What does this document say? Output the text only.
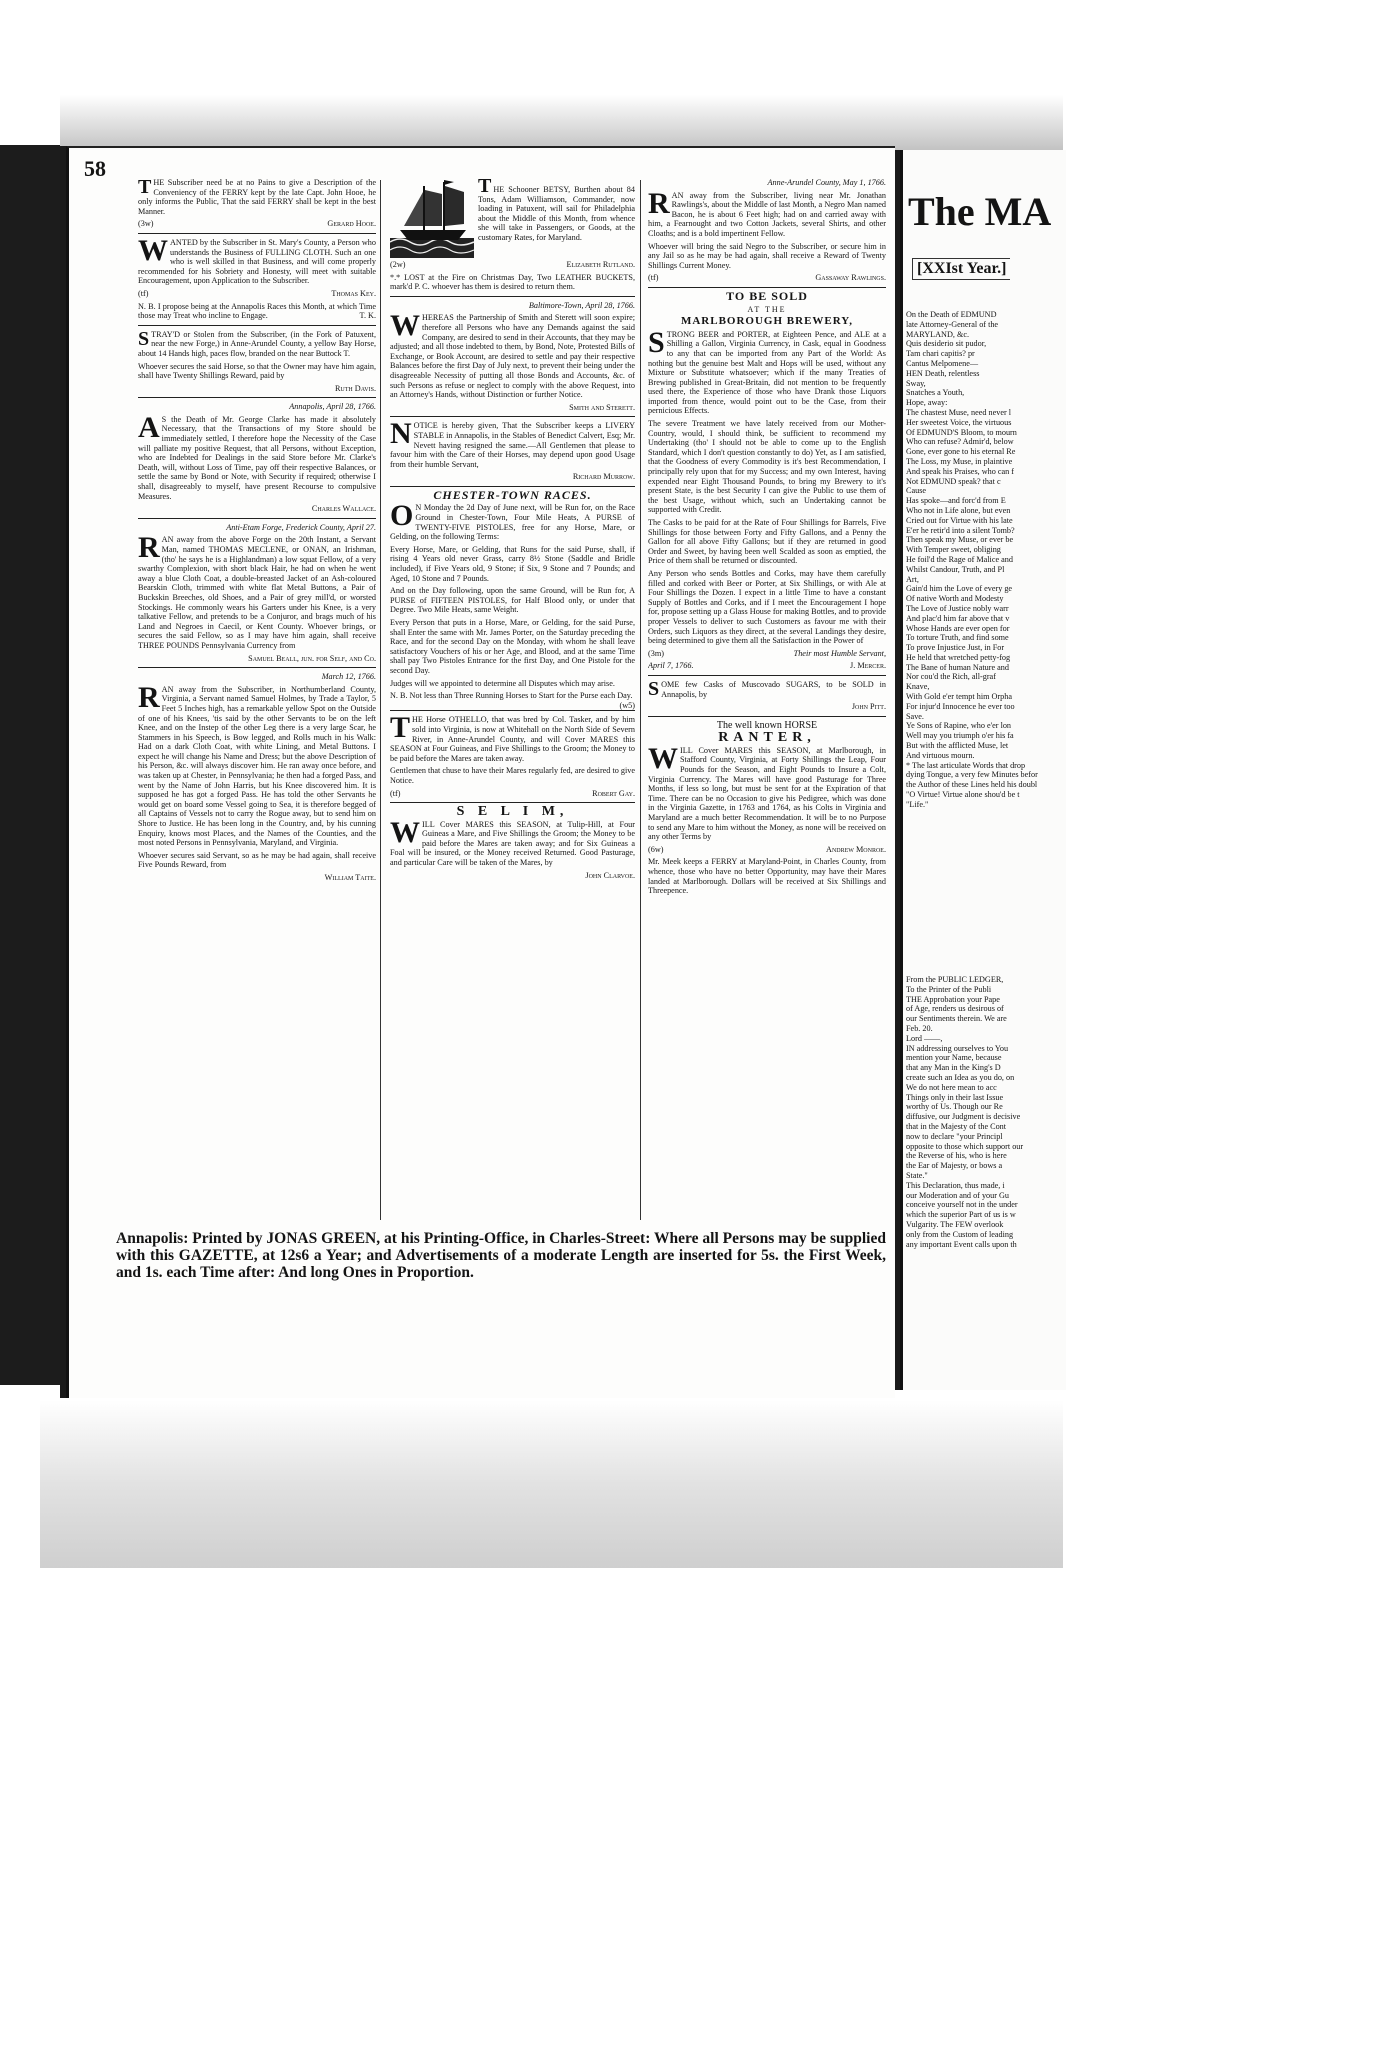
58

THE Subscriber need be at no Pains to give a Description of the Conveniency of the FERRY kept by the late Capt. John Hooe, he only informs the Public, That the said FERRY shall be kept in the best Manner.

(3w)	Gerard Hooe.

WANTED by the Subscriber in St. Mary's County, a Person who understands the Business of FULLING CLOTH. Such an one who is well skilled in that Business, and will come properly recommended for his Sobriety and Honesty, will meet with suitable Encouragement, upon Application to the Subscriber.

(tf)	Thomas Key.

N. B. I propose being at the Annapolis Races this Month, at which Time those may Treat who incline to Engage.	T. K.

STRAY'D or Stolen from the Subscriber, (in the Fork of Patuxent, near the new Forge,) in Anne-Arundel County, a yellow Bay Horse, about 14 Hands high, paces flow, branded on the near Buttock T.

Whoever secures the said Horse, so that the Owner may have him again, shall have Twenty Shillings Reward, paid by

Ruth Davis.

Annapolis, April 28, 1766.

A S the Death of Mr. George Clarke has made it absolutely Necessary, that the Transactions of my Store should be immediately settled, I therefore hope the Necessity of the Case will palliate my positive Request, that all Persons, without Exception, who are Indebted for Dealings in the said Store before Mr. Clarke's Death, will, without Loss of Time, pay off their respective Balances, or settle the same by Bond or Note, with Security if required; otherwise I shall, disagreeably to myself, have present Recourse to compulsive Measures.

Charles Wallace.

Anti-Etam Forge, Frederick County, April 27.

RAN away from the above Forge on the 20th Instant, a Servant Man, named THOMAS MECLENE, or ONAN, an Irishman, (tho' he says he is a Highlandman) a low squat Fellow, of a very swarthy Complexion, with short black Hair, he had on when he went away a blue Cloth Coat, a double-breasted Jacket of an Ash-coloured Bearskin Cloth, trimmed with white flat Metal Buttons, a Pair of Buckskin Breeches, old Shoes, and a Pair of grey mill'd, or worsted Stockings. He commonly wears his Garters under his Knee, is a very talkative Fellow, and pretends to be a Conjuror, and brags much of his Land and Negroes in Caecil, or Kent County. Whoever brings, or secures the said Fellow, so as I may have him again, shall receive THREE POUNDS Pennsylvania Currency from

Samuel Beall, jun. for Self, and Co.

March 12, 1766.

RAN away from the Subscriber, in Northumberland County, Virginia, a Servant named Samuel Holmes, by Trade a Taylor, 5 Feet 5 Inches high, has a remarkable yellow Spot on the Outside of one of his Knees, 'tis said by the other Servants to be on the left Knee, and on the Instep of the other Leg there is a very large Scar, he Stammers in his Speech, is Bow legged, and Rolls much in his Walk: Had on a dark Cloth Coat, with white Lining, and Metal Buttons. I expect he will change his Name and Dress; but the above Description of his Person, &c. will always discover him. He ran away once before, and was taken up at Chester, in Pennsylvania; he then had a forged Pass, and went by the Name of John Harris, but his Knee discovered him. It is supposed he has got a forged Pass. He has told the other Servants he would get on board some Vessel going to Sea, it is therefore begged of all Captains of Vessels not to carry the Rogue away, but to send him on Shore to Justice. He has been long in the Country, and, by his cunning Enquiry, knows most Places, and the Names of the Counties, and the most noted Persons in Pennsylvania, Maryland, and Virginia.

Whoever secures said Servant, so as he may be had again, shall receive Five Pounds Reward, from

William Taite.

THE Schooner BETSY, Burthen about 84 Tons, Adam Williamson, Commander, now loading in Patuxent, will sail for Philadelphia about the Middle of this Month, from whence she will take in Passengers, or Goods, at the customary Rates, for Maryland.

(2w)	Elizabeth Rutland.

*.* LOST at the Fire on Christmas Day, Two LEATHER BUCKETS, mark'd P. C. whoever has them is desired to return them.

Baltimore-Town, April 28, 1766.

WHEREAS the Partnership of Smith and Sterett will soon expire; therefore all Persons who have any Demands against the said Company, are desired to send in their Accounts, that they may be adjusted; and all those indebted to them, by Bond, Note, Protested Bills of Exchange, or Book Account, are desired to settle and pay their respective Balances before the first Day of July next, to prevent their being under the disagreeable Necessity of putting all those Bonds and Accounts, &c. of such Persons as refuse or neglect to comply with the above Request, into an Attorney's Hands, without Distinction or further Notice.

Smith and Sterett.

NOTICE is hereby given, That the Subscriber keeps a LIVERY STABLE in Annapolis, in the Stables of Benedict Calvert, Esq; Mr. Nevett having resigned the same.—All Gentlemen that please to favour him with the Care of their Horses, may depend upon good Usage from their humble Servant,

Richard Murrow.

CHESTER-TOWN RACES.

O N Monday the 2d Day of June next, will be Run for, on the Race Ground in Chester-Town, Four Mile Heats, A PURSE of TWENTY-FIVE PISTOLES, free for any Horse, Mare, or Gelding, on the following Terms:

Every Horse, Mare, or Gelding, that Runs for the said Purse, shall, if rising 4 Years old never Grass, carry 8½ Stone (Saddle and Bridle included), if Five Years old, 9 Stone; if Six, 9 Stone and 7 Pounds; and Aged, 10 Stone and 7 Pounds.

And on the Day following, upon the same Ground, will be Run for, A PURSE of FIFTEEN PISTOLES, for Half Blood only, or under that Degree. Two Mile Heats, same Weight.

Every Person that puts in a Horse, Mare, or Gelding, for the said Purse, shall Enter the same with Mr. James Porter, on the Saturday preceding the Race, and for the second Day on the Monday, with whom he shall leave satisfactory Vouchers of his or her Age, and Blood, and at the same Time shall pay Two Pistoles Entrance for the first Day, and One Pistole for the second Day.

Judges will we appointed to determine all Disputes which may arise.

N. B. Not less than Three Running Horses to Start for the Purse each Day.
(w5)

THE Horse OTHELLO, that was bred by Col. Tasker, and by him sold into Virginia, is now at Whitehall on the North Side of Severn River, in Anne-Arundel County, and will Cover MARES this SEASON at Four Guineas, and Five Shillings to the Groom; the Money to be paid before the Mares are taken away.

Gentlemen that chuse to have their Mares regularly fed, are desired to give Notice.

(tf)	Robert Gay.

S E L I M,

WILL Cover MARES this SEASON, at Tulip-Hill, at Four Guineas a Mare, and Five Shillings the Groom; the Money to be paid before the Mares are taken away; and for Six Guineas a Foal will be insured, or the Money received Returned. Good Pasturage, and particular Care will be taken of the Mares, by

John Clarvoe.

Anne-Arundel County, May 1, 1766.

RAN away from the Subscriber, living near Mr. Jonathan Rawlings's, about the Middle of last Month, a Negro Man named Bacon, he is about 6 Feet high; had on and carried away with him, a Fearnought and two Cotton Jackets, several Shirts, and other Cloaths; and is a bold impertinent Fellow.

Whoever will bring the said Negro to the Subscriber, or secure him in any Jail so as he may be had again, shall receive a Reward of Twenty Shillings Current Money.

(tf)	Gassaway Rawlings.

TO BE SOLD

AT THE

MARLBOROUGH BREWERY,

STRONG BEER and PORTER, at Eighteen Pence, and ALE at a Shilling a Gallon, Virginia Currency, in Cask, equal in Goodness to any that can be imported from any Part of the World: As nothing but the genuine best Malt and Hops will be used, without any Mixture or Substitute whatsoever; which if the many Treaties of Brewing published in Great-Britain, did not mention to be frequently used there, the Experience of those who have Drank those Liquors imported from thence, would point out to be the Case, from their pernicious Effects.

The severe Treatment we have lately received from our Mother-Country, would, I should think, be sufficient to recommend my Undertaking (tho' I should not be able to come up to the English Standard, which I don't question constantly to do) Yet, as I am satisfied, that the Goodness of every Commodity is it's best Recommendation, I principally rely upon that for my Success; and my own Interest, having expended near Eight Thousand Pounds, to bring my Brewery to it's present State, is the best Security I can give the Public to use them of the best Usage, without which, such an Undertaking cannot be supported with Credit.

The Casks to be paid for at the Rate of Four Shillings for Barrels, Five Shillings for those between Forty and Fifty Gallons, and a Penny the Gallon for all above Fifty Gallons; but if they are returned in good Order and Sweet, by having been well Scalded as soon as emptied, the Price of them shall be returned or discounted.

Any Person who sends Bottles and Corks, may have them carefully filled and corked with Beer or Porter, at Six Shillings, or with Ale at Four Shillings the Dozen. I expect in a little Time to have a constant Supply of Bottles and Corks, and if I meet the Encouragement I hope for, propose setting up a Glass House for making Bottles, and to provide proper Vessels to deliver to such Customers as favour me with their Orders, such Liquors as they direct, at the several Landings they desire, being determined to give them all the Satisfaction in the Power of

(3m)	Their most Humble Servant,

April 7, 1766.	J. Mercer.

SOME few Casks of Muscovado SUGARS, to be SOLD in Annapolis, by

John Pitt.

The well known HORSE

RANTER,

WILL Cover MARES this SEASON, at Marlborough, in Stafford County, Virginia, at Forty Shillings the Leap, Four Pounds for the Season, and Eight Pounds to Insure a Colt, Virginia Currency. The Mares will have good Pasturage for Three Months, if less so long, but must be sent for at the Expiration of that Time. There can be no Occasion to give his Pedigree, which was done in the Virginia Gazette, in 1763 and 1764, as his Colts in Virginia and Maryland are a much better Recommendation. It will be to no Purpose to send any Mare to him without the Money, as none will be received on any other Terms by

(6w)	Andrew Monroe.

Mr. Meek keeps a FERRY at Maryland-Point, in Charles County, from whence, those who have no better Opportunity, may have their Mares landed at Marlborough. Dollars will be received at Six Shillings and Threepence.

Annapolis: Printed by JONAS GREEN, at his Printing-Office, in Charles-Street: Where all Persons may be supplied with this GAZETTE, at 12s6 a Year; and Advertisements of a moderate Length are inserted for 5s. the First Week, and 1s. each Time after: And long Ones in Proportion.
The MA
[XXIst Year.]
On the Death of EDMUND
late Attorney-General of the
MARYLAND, &c.
Quis desiderio sit pudor,
Tam chari capitis? pr
Cantus Melpomene—
HEN Death, relentless
Sway,
Snatches a Youth,
Hope, away:
The chastest Muse, need never l
Her sweetest Voice, the virtuous
Of EDMUND'S Bloom, to mourn
Who can refuse? Admir'd, below
Gone, ever gone to his eternal Re
The Loss, my Muse, in plaintive
And speak his Praises, who can f
Not EDMUND speak? that c
Cause
Has spoke—and forc'd from E
Who not in Life alone, but even
Cried out for Virtue with his late
E'er he retir'd into a silent Tomb?
Then speak my Muse, or ever be
With Temper sweet, obliging
He foil'd the Rage of Malice and
Whilst Candour, Truth, and Pl
Art,
Gain'd him the Love of every ge
Of native Worth and Modesty
The Love of Justice nobly warr
And plac'd him far above that v
Whose Hands are ever open for
To torture Truth, and find some
To prove Injustice Just, in For
He held that wretched petty-fog
The Bane of human Nature and
Nor cou'd the Rich, all-graf
Knave,
With Gold e'er tempt him Orpha
For injur'd Innocence he ever too
Save.
Ye Sons of Rapine, who e'er lon
Well may you triumph o'er his fa
But with the afflicted Muse, let
And virtuous mourn.
* The last articulate Words that drop
dying Tongue, a very few Minutes befor
the Author of these Lines held his doubl
"O Virtue! Virtue alone shou'd be t
"Life."
From the PUBLIC LEDGER,
To the Printer of the Publi
THE Approbation your Pape
of Age, renders us desirous of
our Sentiments therein. We are
Feb. 20.
Lord ——,
IN addressing ourselves to You
mention your Name, because
that any Man in the King's D
create such an Idea as you do, on
We do not here mean to acc
Things only in their last Issue
worthy of Us. Though our Re
diffusive, our Judgment is decisive
that in the Majesty of the Cont
now to declare "your Principl
opposite to those which support our
the Reverse of his, who is here
the Ear of Majesty, or bows a
State."
This Declaration, thus made, i
our Moderation and of your Gu
conceive yourself not in the under
which the superior Part of us is w
Vulgarity. The FEW overlook
only from the Custom of leading
any important Event calls upon th
